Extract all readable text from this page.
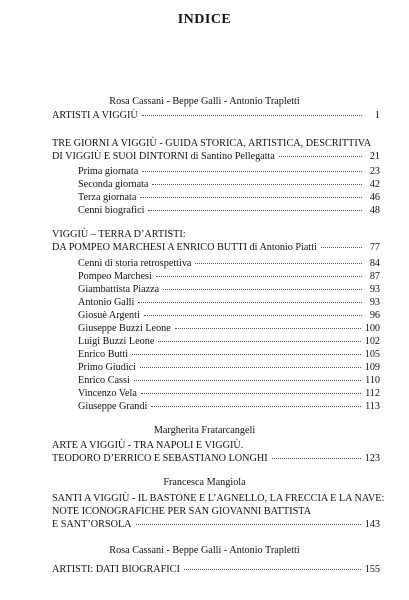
INDICE
Rosa Cassani - Beppe Galli - Antonio Trapletti
ARTISTI A VIGGIÙ	1
TRE GIORNI A VIGGIÙ - GUIDA STORICA, ARTISTICA, DESCRITTIVA
DI VIGGIÙ E SUOI DINTORNI di Santino Pellegatta	21
Prima giornata	23
Seconda giornata	42
Terza giornata	46
Cenni biografici	48
VIGGIÙ – TERRA D’ARTISTI:
DA POMPEO MARCHESI A ENRICO BUTTI di Antonio Piatti	77
Cenni di storia retrospettiva	84
Pompeo Marchesi	87
Giambattista Piazza	93
Antonio Galli	93
Giosuè Argenti	96
Giuseppe Buzzi Leone	100
Luigi Buzzi Leone	102
Enrico Butti	105
Primo Giudici	109
Enrico Cassi	110
Vincenzo Vela	112
Giuseppe Grandi	113
Margherita Fratarcangeli
ARTE A VIGGIÙ - TRA NAPOLI E VIGGIÙ.
TEODORO D’ERRICO E SEBASTIANO LONGHI	123
Francesca Mangiola
SANTI A VIGGIÙ - IL BASTONE E L’AGNELLO, LA FRECCIA E LA NAVE:
NOTE ICONOGRAFICHE PER SAN GIOVANNI BATTISTA
E SANT’ORSOLA	143
Rosa Cassani - Beppe Galli - Antonio Trapletti
ARTISTI: DATI BIOGRAFICI	155
